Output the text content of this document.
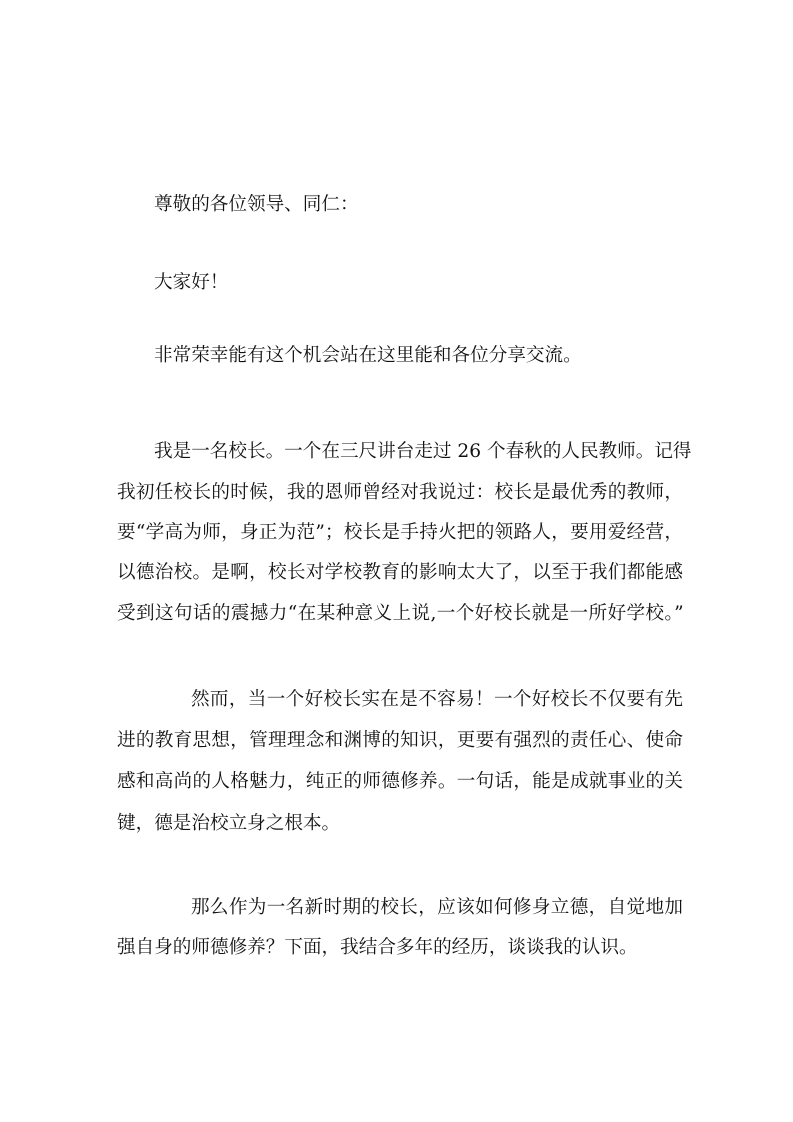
尊敬的各位领导、同仁：
大家好！
非常荣幸能有这个机会站在这里能和各位分享交流。
我是一名校长。一个在三尺讲台走过 26 个春秋的人民教师。记得
我初任校长的时候，我的恩师曾经对我说过：校长是最优秀的教师，
要“学高为师，身正为范”；校长是手持火把的领路人，要用爱经营，
以德治校。是啊，校长对学校教育的影响太大了，以至于我们都能感
受到这句话的震撼力“在某种意义上说,一个好校长就是一所好学校。”
然而，当一个好校长实在是不容易！一个好校长不仅要有先
进的教育思想，管理理念和渊博的知识，更要有强烈的责任心、使命
感和高尚的人格魅力，纯正的师德修养。一句话，能是成就事业的关
键，德是治校立身之根本。
那么作为一名新时期的校长，应该如何修身立德，自觉地加
强自身的师德修养？下面，我结合多年的经历，谈谈我的认识。
